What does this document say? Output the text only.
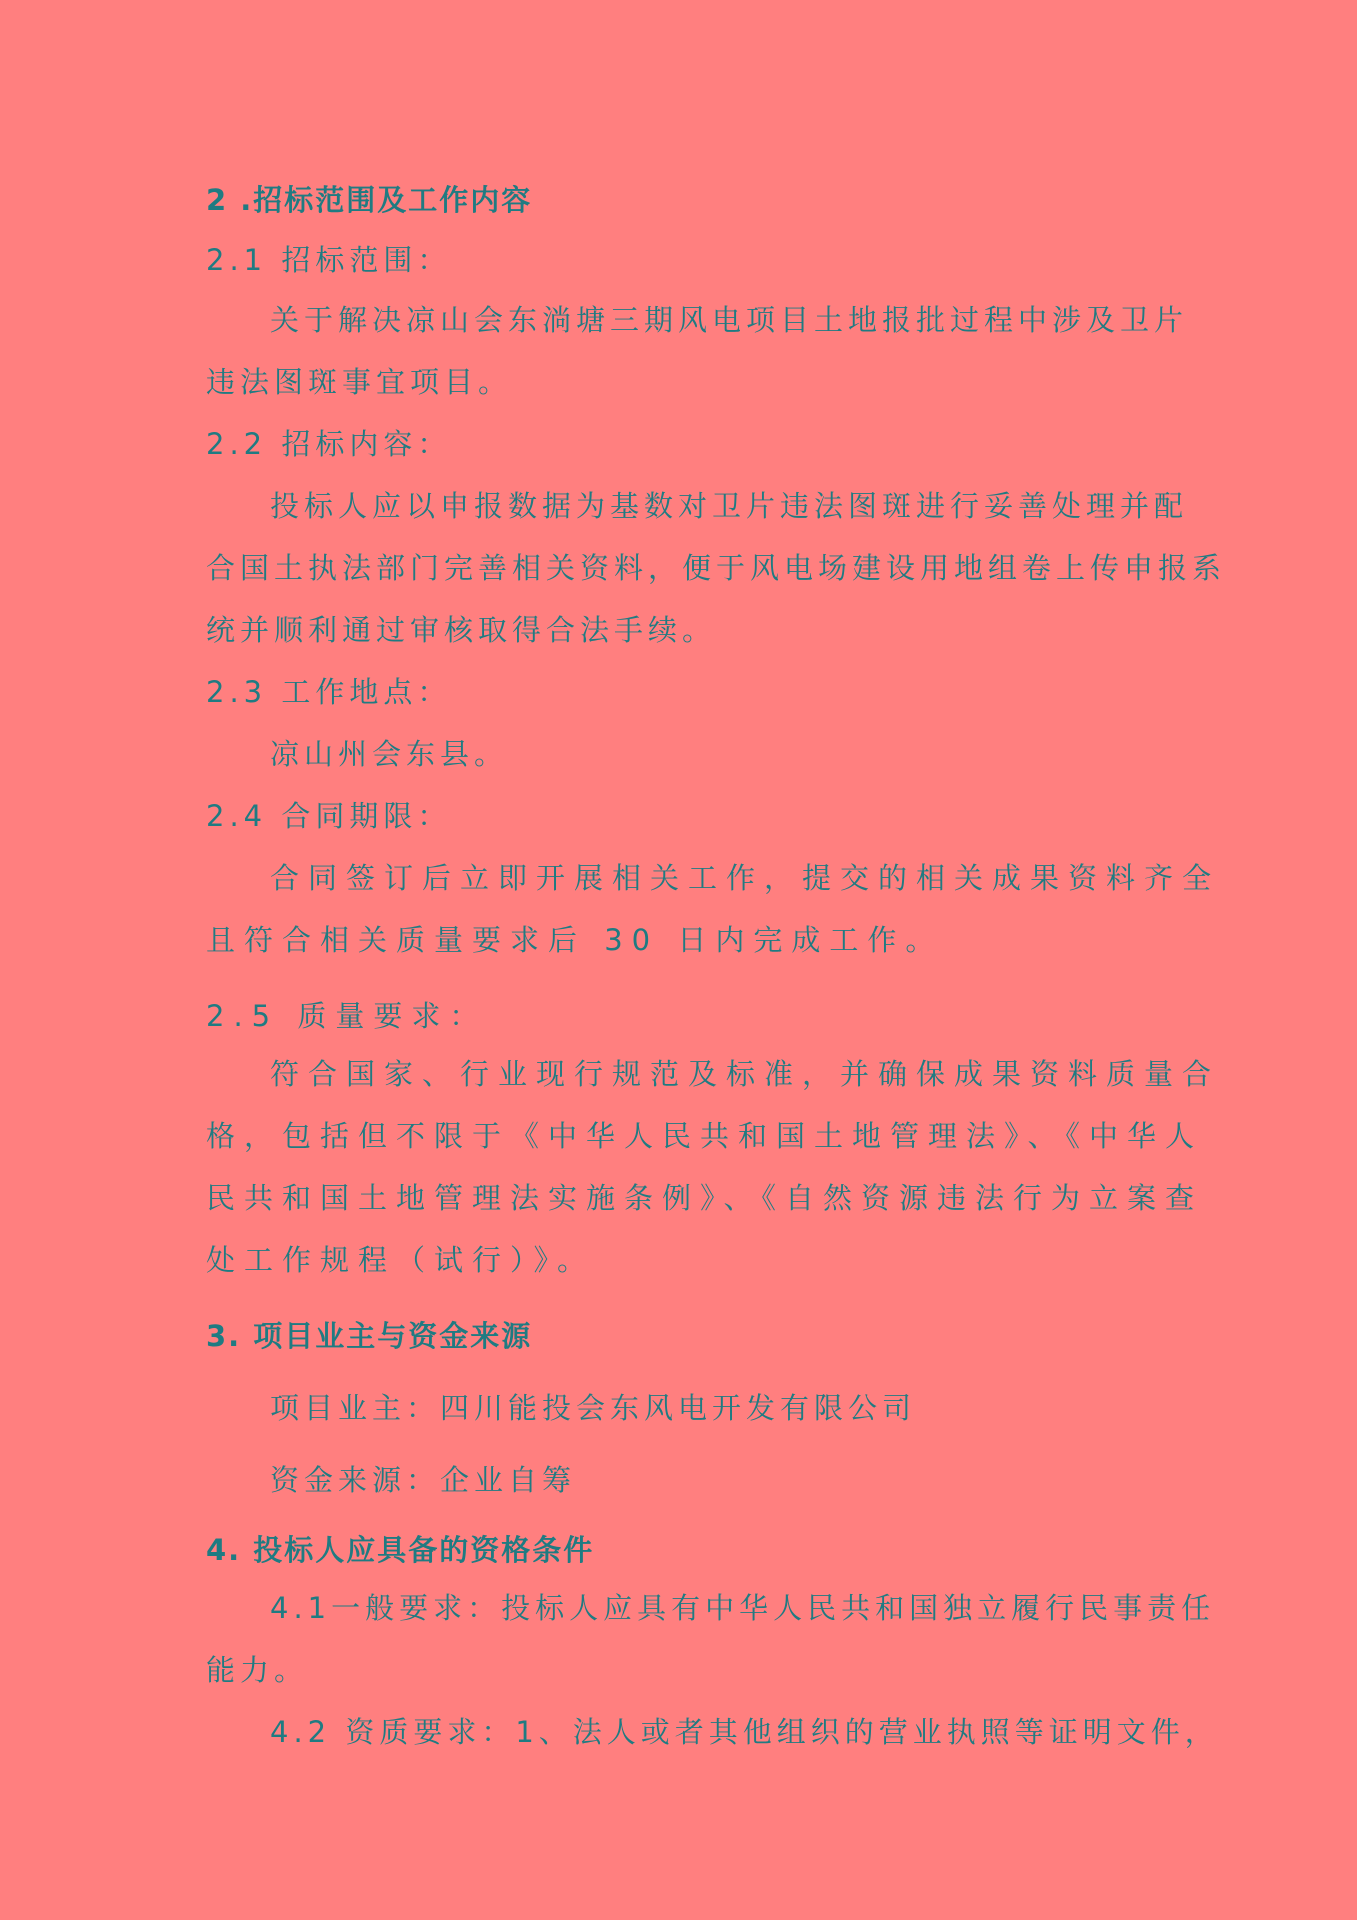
2 .招标范围及工作内容
2.1 招标范围：
关于解决凉山会东淌塘三期风电项目土地报批过程中涉及卫片
违法图斑事宜项目。
2.2 招标内容：
投标人应以申报数据为基数对卫片违法图斑进行妥善处理并配
合国土执法部门完善相关资料，便于风电场建设用地组卷上传申报系
统并顺利通过审核取得合法手续。
2.3 工作地点：
凉山州会东县。
2.4 合同期限：
合同签订后立即开展相关工作，提交的相关成果资料齐全
且符合相关质量要求后 30 日内完成工作。
2.5 质量要求：
符合国家、行业现行规范及标准，并确保成果资料质量合
格，包括但不限于《中华人民共和国土地管理法》、《中华人
民共和国土地管理法实施条例》、《自然资源违法行为立案查
处工作规程（试行）》。
3. 项目业主与资金来源
项目业主：四川能投会东风电开发有限公司
资金来源：企业自筹
4. 投标人应具备的资格条件
4.1一般要求：投标人应具有中华人民共和国独立履行民事责任
能力。
4.2 资质要求：1、法人或者其他组织的营业执照等证明文件，
